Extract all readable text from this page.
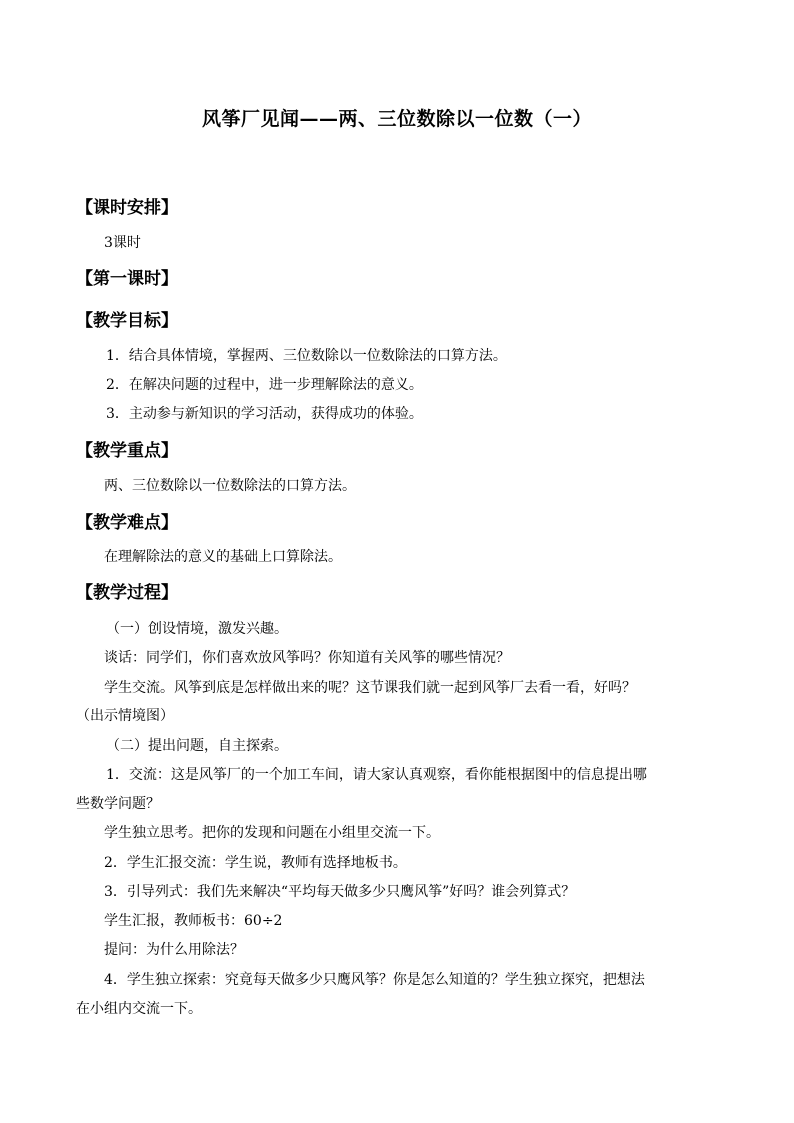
风筝厂见闻——两、三位数除以一位数（一）
【课时安排】
3课时
【第一课时】
【教学目标】
1．结合具体情境，掌握两、三位数除以一位数除法的口算方法。
2．在解决问题的过程中，进一步理解除法的意义。
3．主动参与新知识的学习活动，获得成功的体验。
【教学重点】
两、三位数除以一位数除法的口算方法。
【教学难点】
在理解除法的意义的基础上口算除法。
【教学过程】
（一）创设情境，激发兴趣。
谈话：同学们，你们喜欢放风筝吗？你知道有关风筝的哪些情况？
学生交流。风筝到底是怎样做出来的呢？这节课我们就一起到风筝厂去看一看，好吗？
（出示情境图）
（二）提出问题，自主探索。
1．交流：这是风筝厂的一个加工车间，请大家认真观察，看你能根据图中的信息提出哪
些数学问题？
学生独立思考。把你的发现和问题在小组里交流一下。
2．学生汇报交流：学生说，教师有选择地板书。
3．引导列式：我们先来解决“平均每天做多少只鹰风筝”好吗？谁会列算式？
学生汇报，教师板书：60÷2
提问：为什么用除法？
4．学生独立探索：究竟每天做多少只鹰风筝？你是怎么知道的？学生独立探究，把想法
在小组内交流一下。
